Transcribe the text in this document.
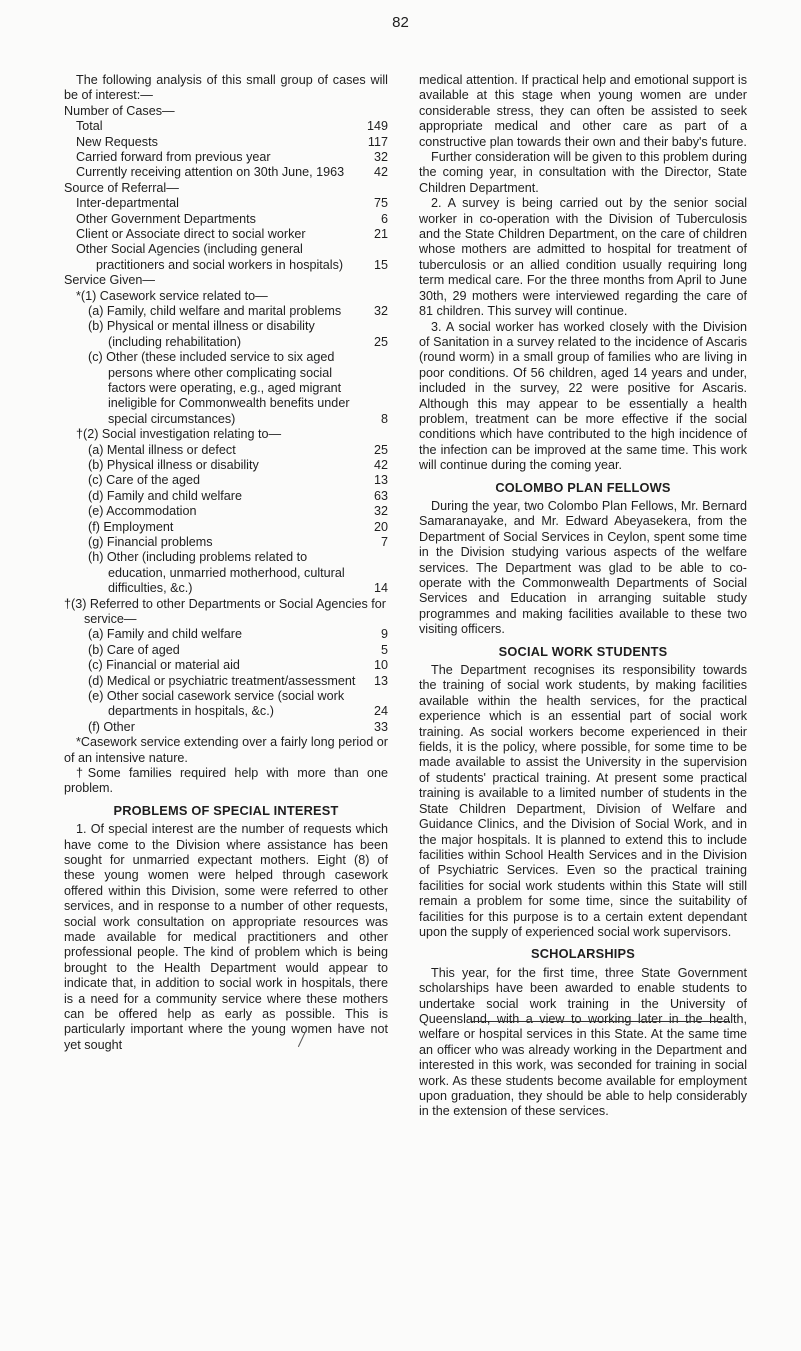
82

The following analysis of this small group of cases will be of interest:—

Number of Cases—
Total	149
New Requests	117
Carried forward from previous year	32
Currently receiving attention on 30th June, 1963 42
Source of Referral—
Inter-departmental	75
Other Government Departments	6
Client or Associate direct to social worker	21
Other Social Agencies (including general practitioners and social workers in hospitals)	15
Service Given—
*(1) Casework service related to—
(a) Family, child welfare and marital problems	32
(b) Physical or mental illness or disability (including rehabilitation)	25
(c) Other (these included service to six aged persons where other complicating social factors were operating, e.g., aged migrant ineligible for Commonwealth benefits under special circumstances)	8
†(2) Social investigation relating to—
(a) Mental illness or defect	25
(b) Physical illness or disability	42
(c) Care of the aged	13
(d) Family and child welfare	63
(e) Accommodation	32
(f) Employment	20
(g) Financial problems	7
(h) Other (including problems related to education, unmarried motherhood, cultural difficulties, &c.)	14
†(3) Referred to other Departments or Social Agencies for service—
(a) Family and child welfare	9
(b) Care of aged	5
(c) Financial or material aid	10
(d) Medical or psychiatric treatment/assessment 13
(e) Other social casework service (social work departments in hospitals, &c.)	24
(f) Other	33

*Casework service extending over a fairly long period or of an intensive nature.

†Some families required help with more than one problem.

PROBLEMS OF SPECIAL INTEREST

1. Of special interest are the number of requests which have come to the Division where assistance has been sought for unmarried expectant mothers. Eight (8) of these young women were helped through casework offered within this Division, some were referred to other services, and in response to a number of other requests, social work consultation on appropriate resources was made available for medical practitioners and other professional people. The kind of problem which is being brought to the Health Department would appear to indicate that, in addition to social work in hospitals, there is a need for a community service where these mothers can be offered help as early as possible. This is particularly important where the young women have not yet sought

medical attention. If practical help and emotional support is available at this stage when young women are under considerable stress, they can often be assisted to seek appropriate medical and other care as part of a constructive plan towards their own and their baby's future.

Further consideration will be given to this problem during the coming year, in consultation with the Director, State Children Department.

2. A survey is being carried out by the senior social worker in co-operation with the Division of Tuberculosis and the State Children Department, on the care of children whose mothers are admitted to hospital for treatment of tuberculosis or an allied condition usually requiring long term medical care. For the three months from April to June 30th, 29 mothers were interviewed regarding the care of 81 children. This survey will continue.

3. A social worker has worked closely with the Division of Sanitation in a survey related to the incidence of Ascaris (round worm) in a small group of families who are living in poor conditions. Of 56 children, aged 14 years and under, included in the survey, 22 were positive for Ascaris. Although this may appear to be essentially a health problem, treatment can be more effective if the social conditions which have contributed to the high incidence of the infection can be improved at the same time. This work will continue during the coming year.

COLOMBO PLAN FELLOWS

During the year, two Colombo Plan Fellows, Mr. Bernard Samaranayake, and Mr. Edward Abeyasekera, from the Department of Social Services in Ceylon, spent some time in the Division studying various aspects of the welfare services. The Department was glad to be able to co-operate with the Commonwealth Departments of Social Services and Education in arranging suitable study programmes and making facilities available to these two visiting officers.

SOCIAL WORK STUDENTS

The Department recognises its responsibility towards the training of social work students, by making facilities available within the health services, for the practical experience which is an essential part of social work training. As social workers become experienced in their fields, it is the policy, where possible, for some time to be made available to assist the University in the supervision of students' practical training. At present some practical training is available to a limited number of students in the State Children Department, Division of Welfare and Guidance Clinics, and the Division of Social Work, and in the major hospitals. It is planned to extend this to include facilities within School Health Services and in the Division of Psychiatric Services. Even so the practical training facilities for social work students within this State will still remain a problem for some time, since the suitability of facilities for this purpose is to a certain extent dependant upon the supply of experienced social work supervisors.

SCHOLARSHIPS

This year, for the first time, three State Government scholarships have been awarded to enable students to undertake social work training in the University of Queensland, with a view to working later in the health, welfare or hospital services in this State. At the same time an officer who was already working in the Department and interested in this work, was seconded for training in social work. As these students become available for employment upon graduation, they should be able to help considerably in the extension of these services.
